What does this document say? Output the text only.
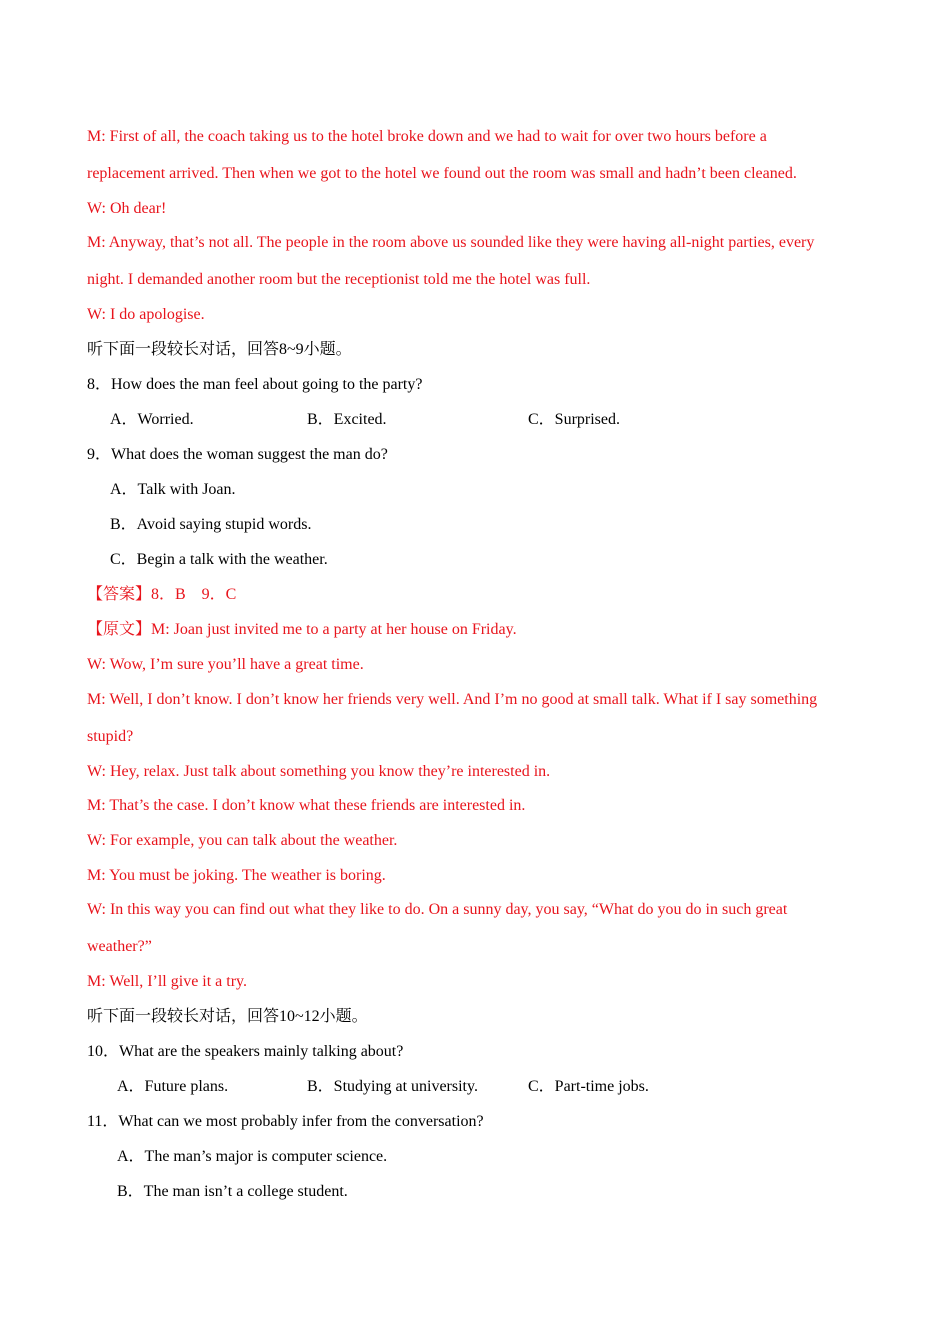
M: First of all, the coach taking us to the hotel broke down and we had to wait for over two hours before a
replacement arrived. Then when we got to the hotel we found out the room was small and hadn’t been cleaned.
W: Oh dear!
M: Anyway, that’s not all. The people in the room above us sounded like they were having all-night parties, every
night. I demanded another room but the receptionist told me the hotel was full.
W: I do apologise.
听下面一段较长对话，回答8~9小题。
8．How does the man feel about going to the party?
A．Worried.	B．Excited.	C．Surprised.
9．What does the woman suggest the man do?
A．Talk with Joan.
B．Avoid saying stupid words.
C．Begin a talk with the weather.
【答案】8．B　9．C
【原文】M: Joan just invited me to a party at her house on Friday.
W: Wow, I’m sure you’ll have a great time.
M: Well, I don’t know. I don’t know her friends very well. And I’m no good at small talk. What if I say something
stupid?
W: Hey, relax. Just talk about something you know they’re interested in.
M: That’s the case. I don’t know what these friends are interested in.
W: For example, you can talk about the weather.
M: You must be joking. The weather is boring.
W: In this way you can find out what they like to do. On a sunny day, you say, “What do you do in such great
weather?”
M: Well, I’ll give it a try.
听下面一段较长对话，回答10~12小题。
10．What are the speakers mainly talking about?
A．Future plans.	B．Studying at university.	C．Part-time jobs.
11．What can we most probably infer from the conversation?
A．The man’s major is computer science.
B．The man isn’t a college student.
